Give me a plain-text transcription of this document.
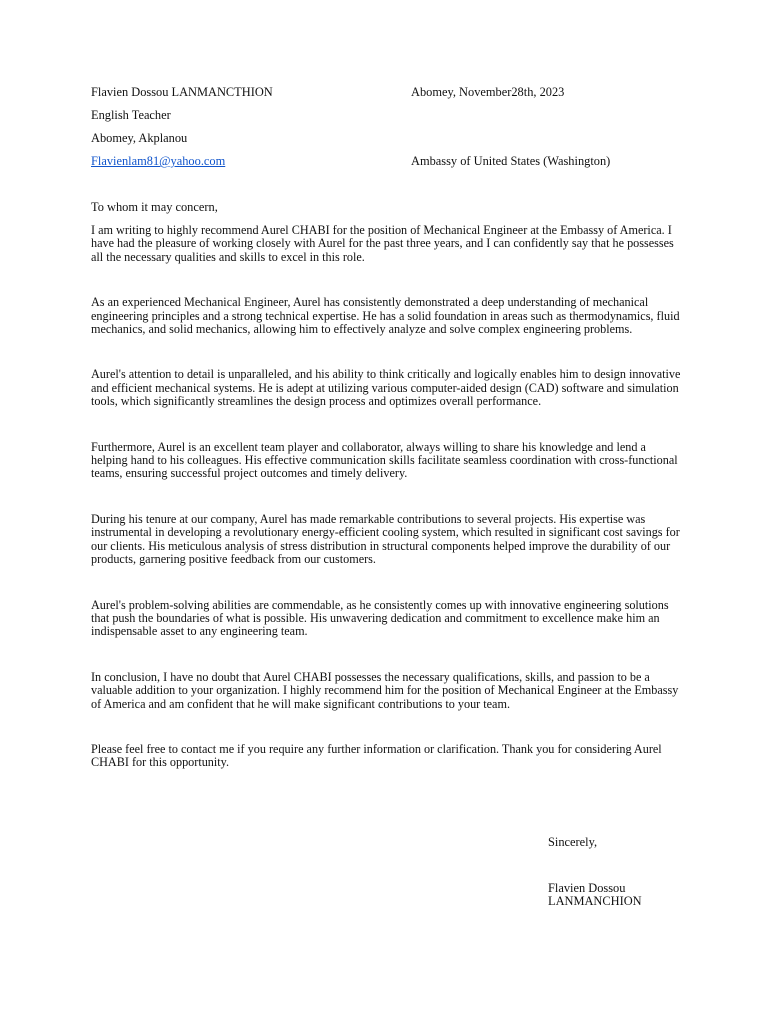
Flavien Dossou LANMANCTHION
English Teacher
Abomey, Akplanou
Flavienlam81@yahoo.com
Abomey, November28th, 2023
Ambassy of United States (Washington)
To whom it may concern,

I am writing to highly recommend Aurel CHABI for the position of Mechanical Engineer at the Embassy of America. I have had the pleasure of working closely with Aurel for the past three years, and I can confidently say that he possesses all the necessary qualities and skills to excel in this role.

As an experienced Mechanical Engineer, Aurel has consistently demonstrated a deep understanding of mechanical engineering principles and a strong technical expertise. He has a solid foundation in areas such as thermodynamics, fluid mechanics, and solid mechanics, allowing him to effectively analyze and solve complex engineering problems.

Aurel's attention to detail is unparalleled, and his ability to think critically and logically enables him to design innovative and efficient mechanical systems. He is adept at utilizing various computer-aided design (CAD) software and simulation tools, which significantly streamlines the design process and optimizes overall performance.

Furthermore, Aurel is an excellent team player and collaborator, always willing to share his knowledge and lend a helping hand to his colleagues. His effective communication skills facilitate seamless coordination with cross-functional teams, ensuring successful project outcomes and timely delivery.

During his tenure at our company, Aurel has made remarkable contributions to several projects. His expertise was instrumental in developing a revolutionary energy-efficient cooling system, which resulted in significant cost savings for our clients. His meticulous analysis of stress distribution in structural components helped improve the durability of our products, garnering positive feedback from our customers.

Aurel's problem-solving abilities are commendable, as he consistently comes up with innovative engineering solutions that push the boundaries of what is possible. His unwavering dedication and commitment to excellence make him an indispensable asset to any engineering team.

In conclusion, I have no doubt that Aurel CHABI possesses the necessary qualifications, skills, and passion to be a valuable addition to your organization. I highly recommend him for the position of Mechanical Engineer at the Embassy of America and am confident that he will make significant contributions to your team.

Please feel free to contact me if you require any further information or clarification. Thank you for considering Aurel CHABI for this opportunity.

Sincerely,
Flavien Dossou LANMANCHION
